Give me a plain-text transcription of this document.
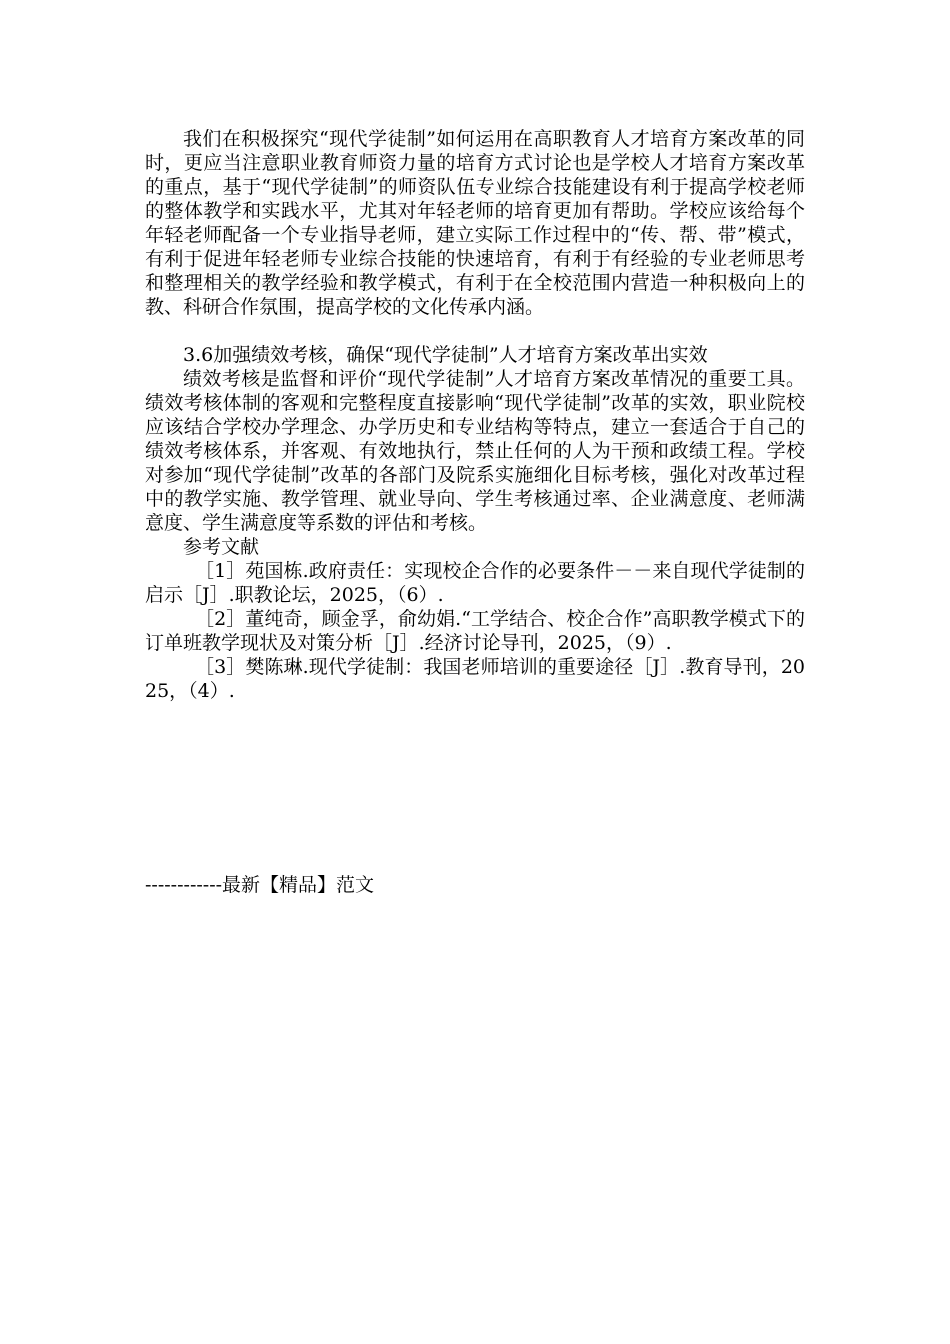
我们在积极探究“现代学徒制”如何运用在高职教育人才培育方案改革的同时，更应当注意职业教育师资力量的培育方式讨论也是学校人才培育方案改革的重点，基于“现代学徒制”的师资队伍专业综合技能建设有利于提高学校老师的整体教学和实践水平，尤其对年轻老师的培育更加有帮助。学校应该给每个年轻老师配备一个专业指导老师，建立实际工作过程中的“传、帮、带”模式，有利于促进年轻老师专业综合技能的快速培育，有利于有经验的专业老师思考和整理相关的教学经验和教学模式，有利于在全校范围内营造一种积极向上的教、科研合作氛围，提高学校的文化传承内涵。

3.6加强绩效考核，确保“现代学徒制”人才培育方案改革出实效

绩效考核是监督和评价“现代学徒制”人才培育方案改革情况的重要工具。绩效考核体制的客观和完整程度直接影响“现代学徒制”改革的实效，职业院校应该结合学校办学理念、办学历史和专业结构等特点，建立一套适合于自己的绩效考核体系，并客观、有效地执行，禁止任何的人为干预和政绩工程。学校对参加“现代学徒制”改革的各部门及院系实施细化目标考核，强化对改革过程中的教学实施、教学管理、就业导向、学生考核通过率、企业满意度、老师满意度、学生满意度等系数的评估和考核。

参考文献

［1］苑国栋.政府责任：实现校企合作的必要条件－－来自现代学徒制的启示［J］.职教论坛，2025，（6）.

［2］董纯奇，顾金孚，俞幼娟.“工学结合、校企合作”高职教学模式下的订单班教学现状及对策分析［J］.经济讨论导刊，2025，（9）.

［3］樊陈琳.现代学徒制：我国老师培训的重要途径［J］.教育导刊，2025，（4）.

------------最新【精品】范文
